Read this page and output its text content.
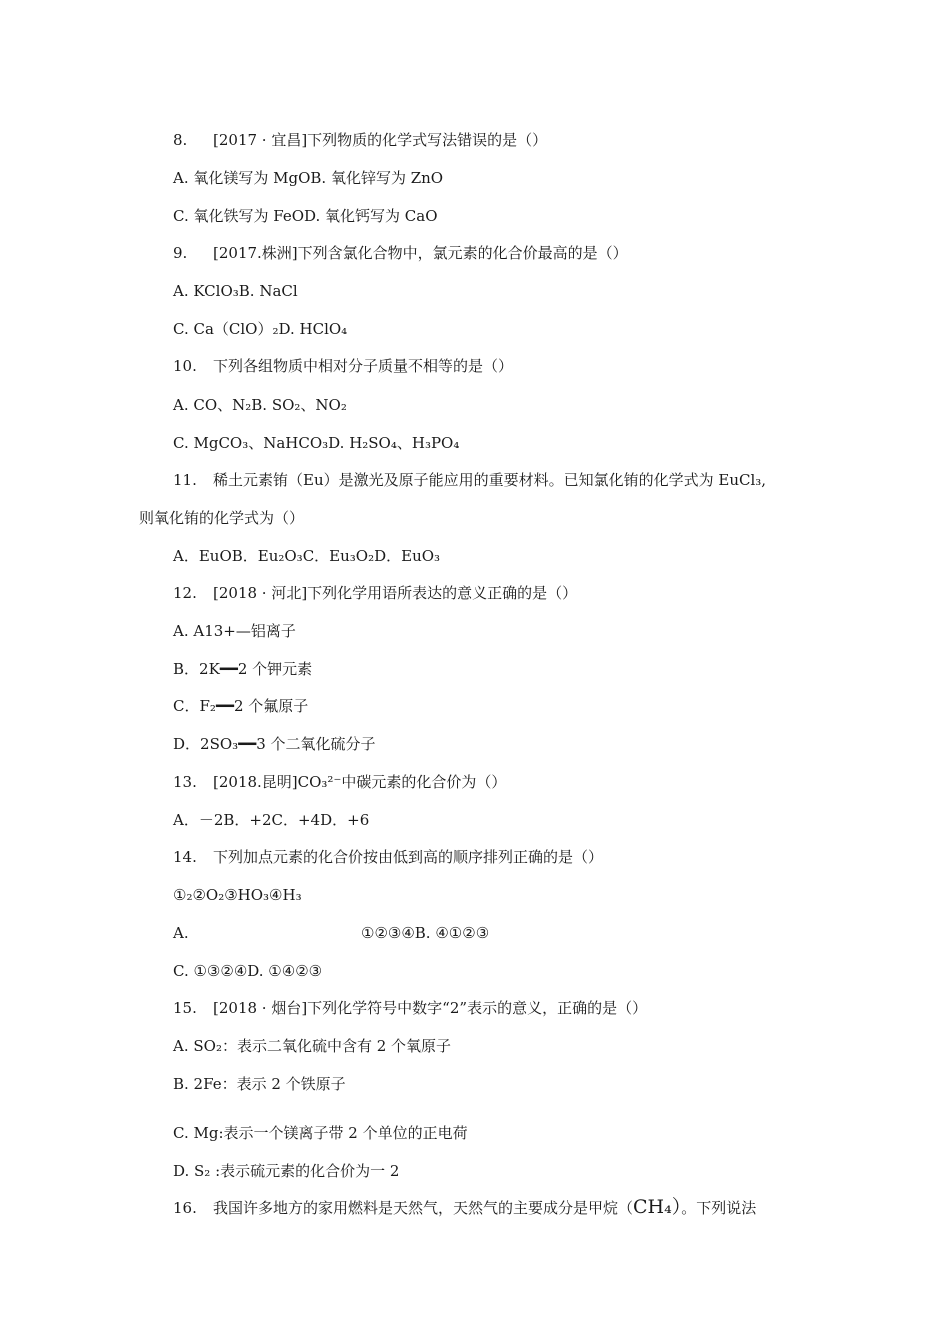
8. [2017 · 宜昌]下列物质的化学式写法错误的是（）
A. 氧化镁写为 MgOB. 氧化锌写为 ZnO
C. 氧化铁写为 FeOD. 氧化钙写为 CaO
9. [2017.株洲]下列含氯化合物中，氯元素的化合价最高的是（）
A. KClO₃B. NaCl
C. Ca（ClO）₂D. HClO₄
10. 下列各组物质中相对分子质量不相等的是（）
A. CO、N₂B. SO₂、NO₂
C. MgCO₃、NaHCO₃D. H₂SO₄、H₃PO₄
11. 稀土元素铕（Eu）是激光及原子能应用的重要材料。已知氯化铕的化学式为 EuCl₃,
则氧化铕的化学式为（）
A．EuOB．Eu₂O₃C．Eu₃O₂D．EuO₃
12. [2018 · 河北]下列化学用语所表达的意义正确的是（）
A. A13+—铝离子
B．2K━━2 个钾元素
C．F₂━━2 个氟原子
D．2SO₃━━3 个二氧化硫分子
13. [2018.昆明]CO₃²⁻中碳元素的化合价为（）
A．－2B．+2C．+4D．+6
14. 下列加点元素的化合价按由低到高的顺序排列正确的是（）
①₂②O₂③HO₃④H₃
A.	①②③④B. ④①②③
C. ①③②④D. ①④②③
15. [2018 · 烟台]下列化学符号中数字“2”表示的意义，正确的是（）
A. SO₂：表示二氧化硫中含有 2 个氧原子
B. 2Fe：表示 2 个铁原子
C. Mg:表示一个镁离子带 2 个单位的正电荷
D. S₂ :表示硫元素的化合价为一 2
16. 我国许多地方的家用燃料是天然气，天然气的主要成分是甲烷（CH₄）。下列说法
